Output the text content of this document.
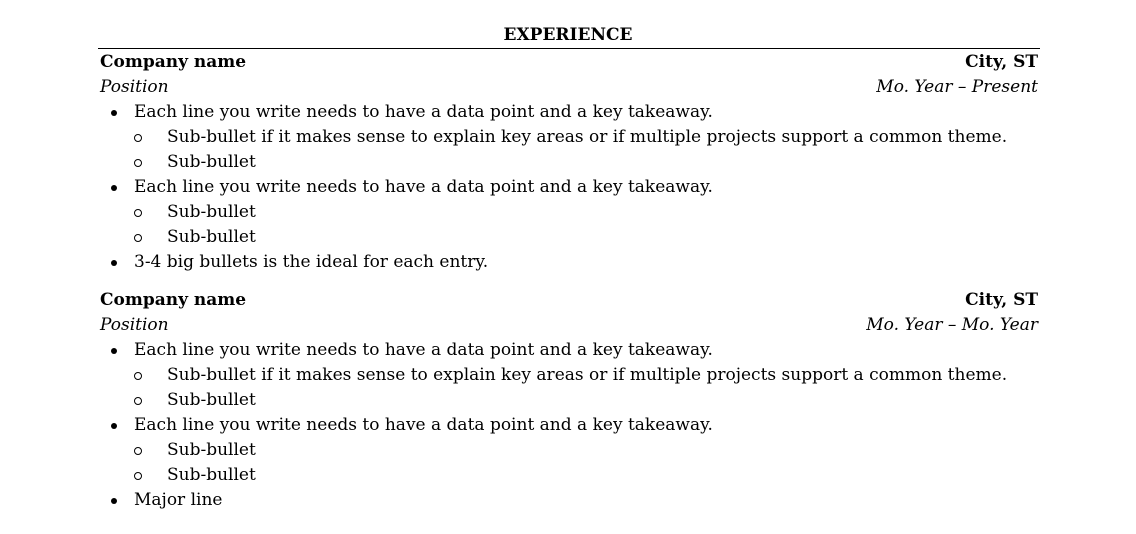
EXPERIENCE
Company name	City, ST
Position	Mo. Year – Present
Each line you write needs to have a data point and a key takeaway.
Sub-bullet if it makes sense to explain key areas or if multiple projects support a common theme.
Sub-bullet
Each line you write needs to have a data point and a key takeaway.
Sub-bullet
Sub-bullet
3-4 big bullets is the ideal for each entry.
Company name	City, ST
Position	Mo. Year – Mo. Year
Each line you write needs to have a data point and a key takeaway.
Sub-bullet if it makes sense to explain key areas or if multiple projects support a common theme.
Sub-bullet
Each line you write needs to have a data point and a key takeaway.
Sub-bullet
Sub-bullet
Major line
